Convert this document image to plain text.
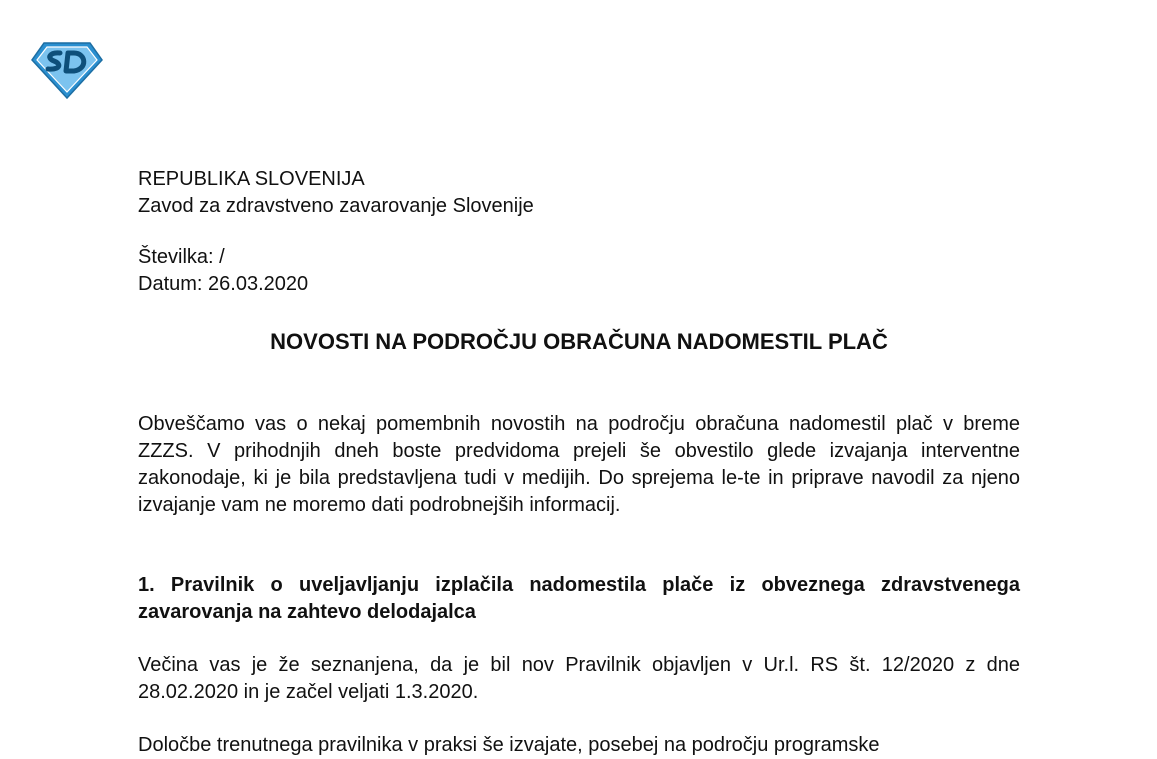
REPUBLIKA SLOVENIJA
Zavod za zdravstveno zavarovanje Slovenije
Številka: /
Datum: 26.03.2020
NOVOSTI NA PODROČJU OBRAČUNA NADOMESTIL PLAČ

Obveščamo vas o nekaj pomembnih novostih na področju obračuna nadomestil plač v breme ZZZS. V prihodnjih dneh boste predvidoma prejeli še obvestilo glede izvajanja interventne zakonodaje, ki je bila predstavljena tudi v medijih. Do sprejema le-te in priprave navodil za njeno izvajanje vam ne moremo dati podrobnejših informacij.

1. Pravilnik o uveljavljanju izplačila nadomestila plače iz obveznega zdravstvenega zavarovanja na zahtevo delodajalca

Večina vas je že seznanjena, da je bil nov Pravilnik objavljen v Ur.l. RS št. 12/2020 z dne 28.02.2020 in je začel veljati 1.3.2020.

Določbe trenutnega pravilnika v praksi še izvajate, posebej na področju programske
